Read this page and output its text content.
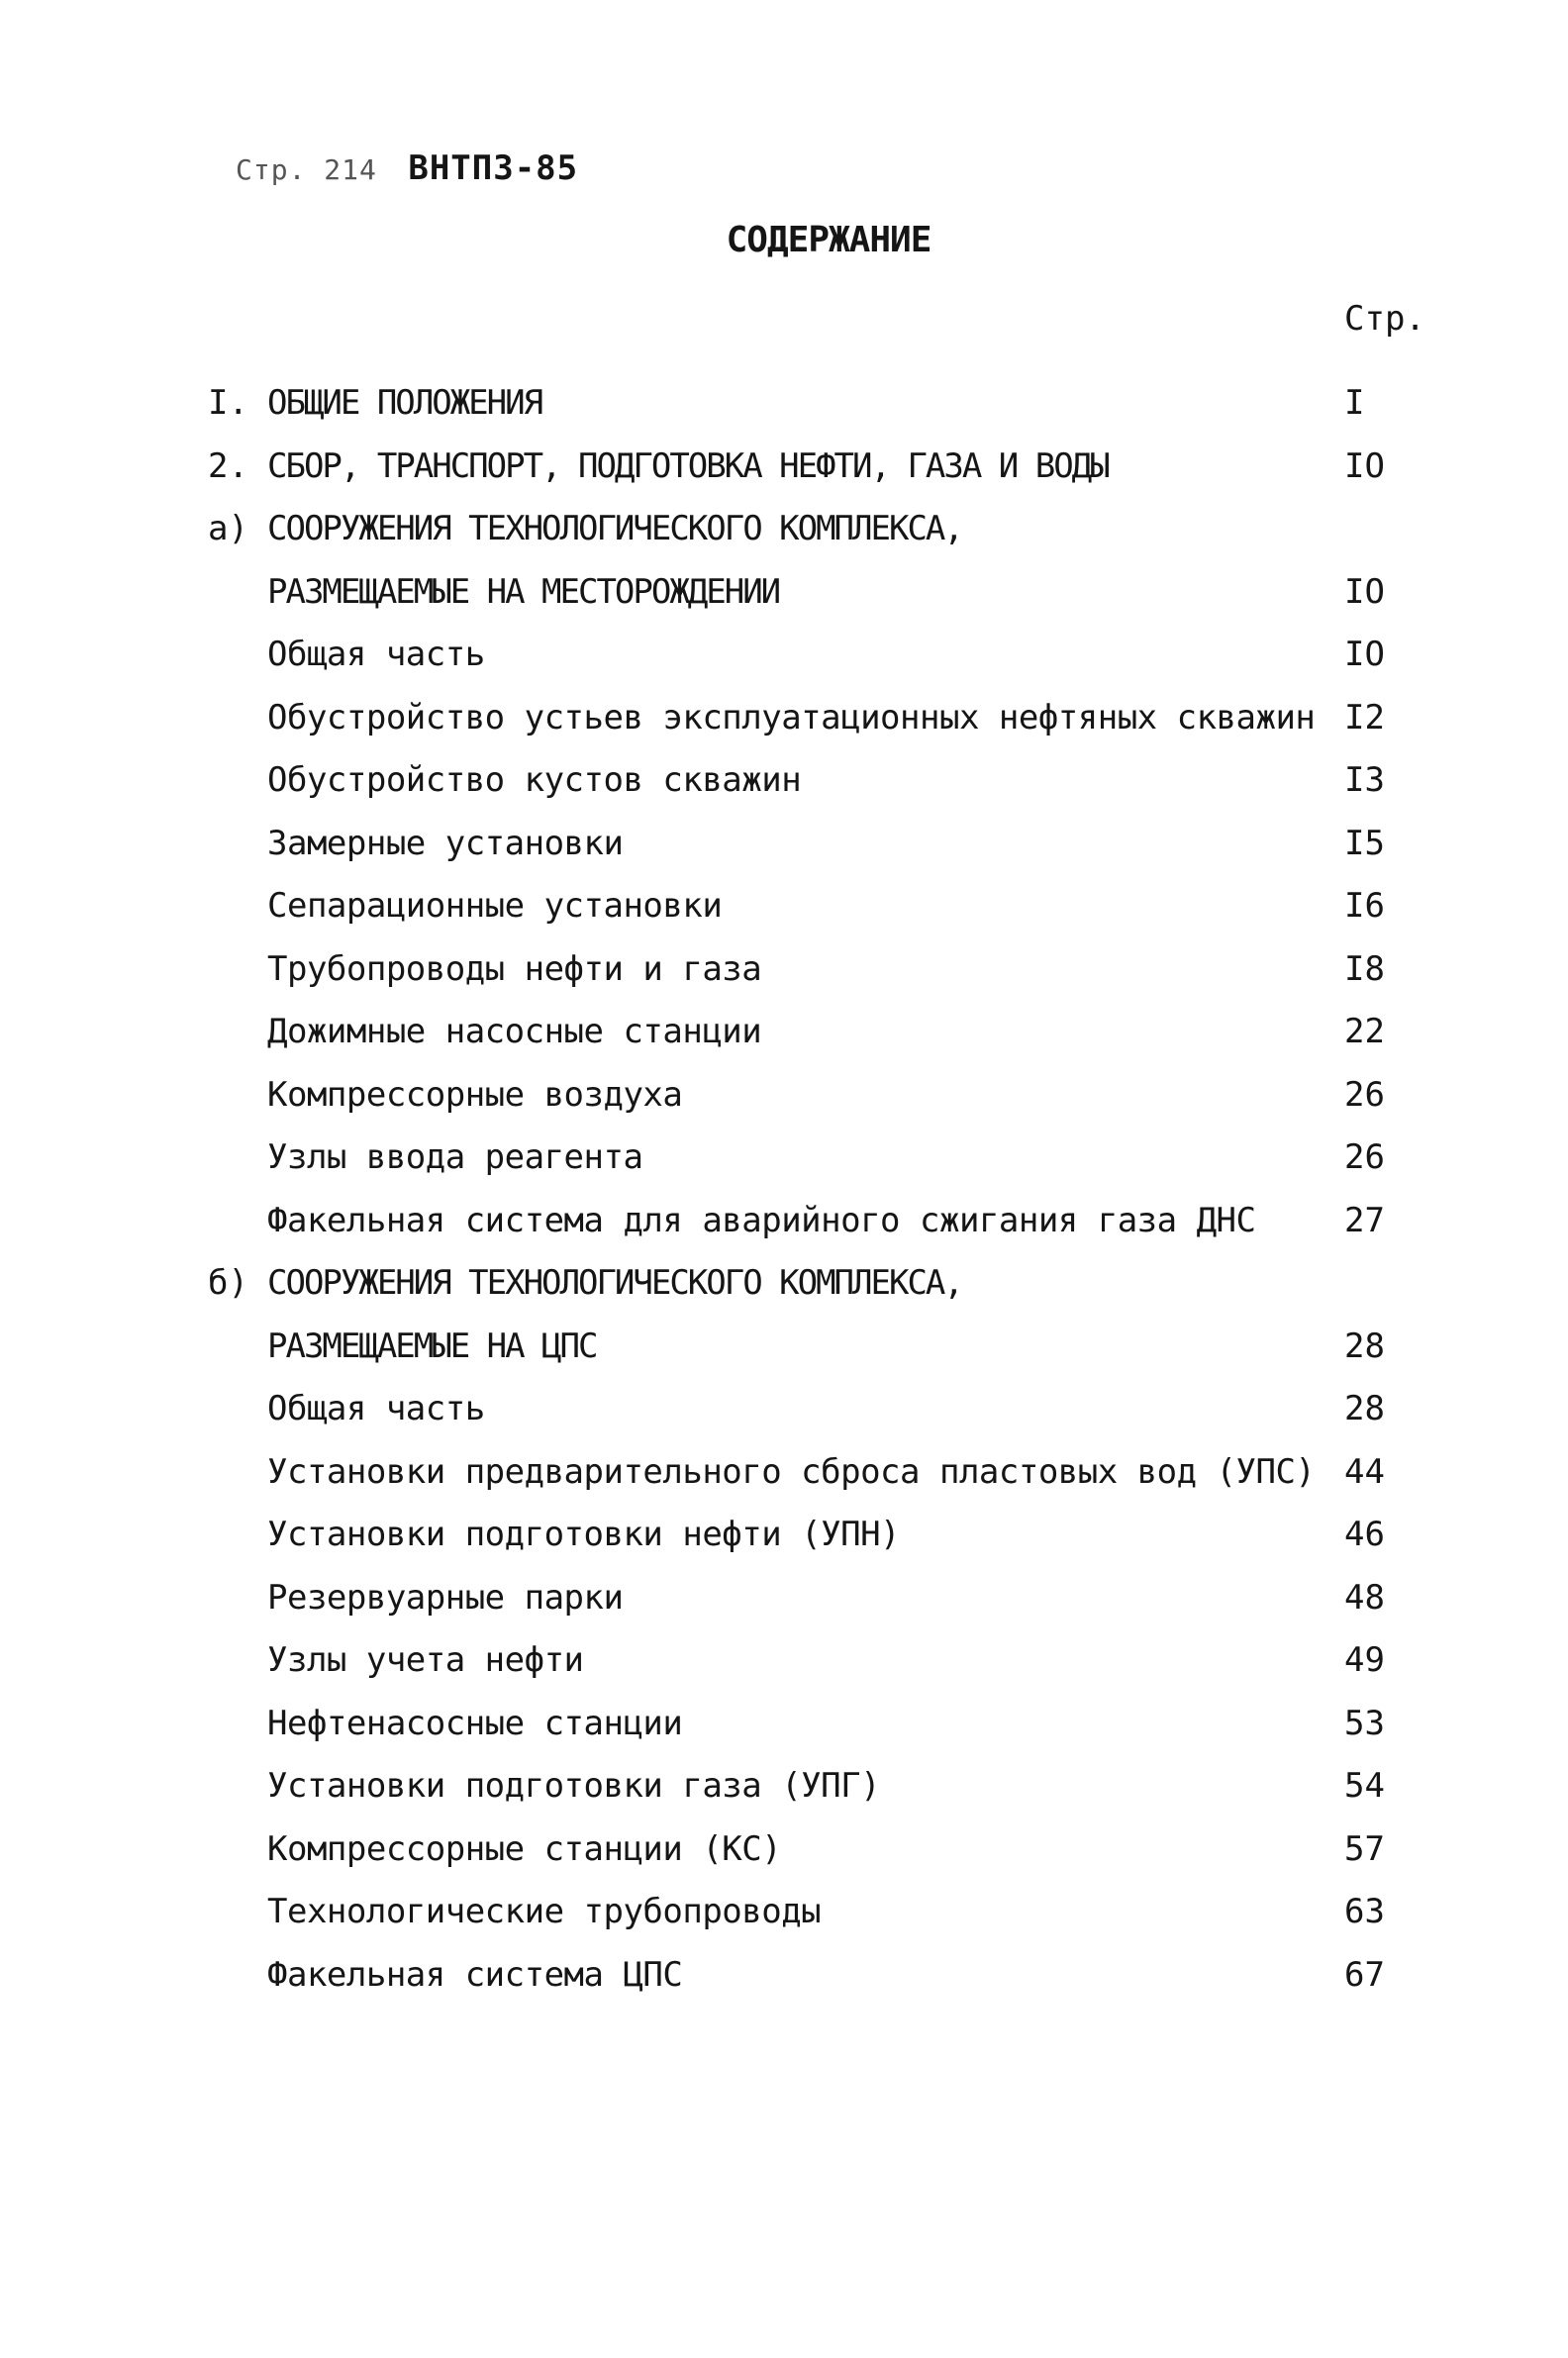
Стр. 214 ВНТП3-85
СОДЕРЖАНИЕ
Стр.
I. ОБЩИЕ ПОЛОЖЕНИЯ	I
2. СБОР, ТРАНСПОРТ, ПОДГОТОВКА НЕФТИ, ГАЗА И ВОДЫ	IO
а) СООРУЖЕНИЯ ТЕХНОЛОГИЧЕСКОГО КОМПЛЕКСА,
РАЗМЕЩАЕМЫЕ НА МЕСТОРОЖДЕНИИ	IO
Общая часть	IO
Обустройство устьев эксплуатационных нефтяных скважин I2
Обустройство кустов скважин	I3
Замерные установки	I5
Сепарационные установки	I6
Трубопроводы нефти и газа	I8
Дожимные насосные станции	22
Компрессорные воздуха	26
Узлы ввода реагента	26
Факельная система для аварийного сжигания газа ДНС	27
б) СООРУЖЕНИЯ ТЕХНОЛОГИЧЕСКОГО КОМПЛЕКСА,
РАЗМЕЩАЕМЫЕ НА ЦПС	28
Общая часть	28
Установки предварительного сброса пластовых вод (УПС) 44
Установки подготовки нефти (УПН)	46
Резервуарные парки	48
Узлы учета нефти	49
Нефтенасосные станции	53
Установки подготовки газа (УПГ)	54
Компрессорные станции (КС)	57
Технологические трубопроводы	63
Факельная система ЦПС	67
